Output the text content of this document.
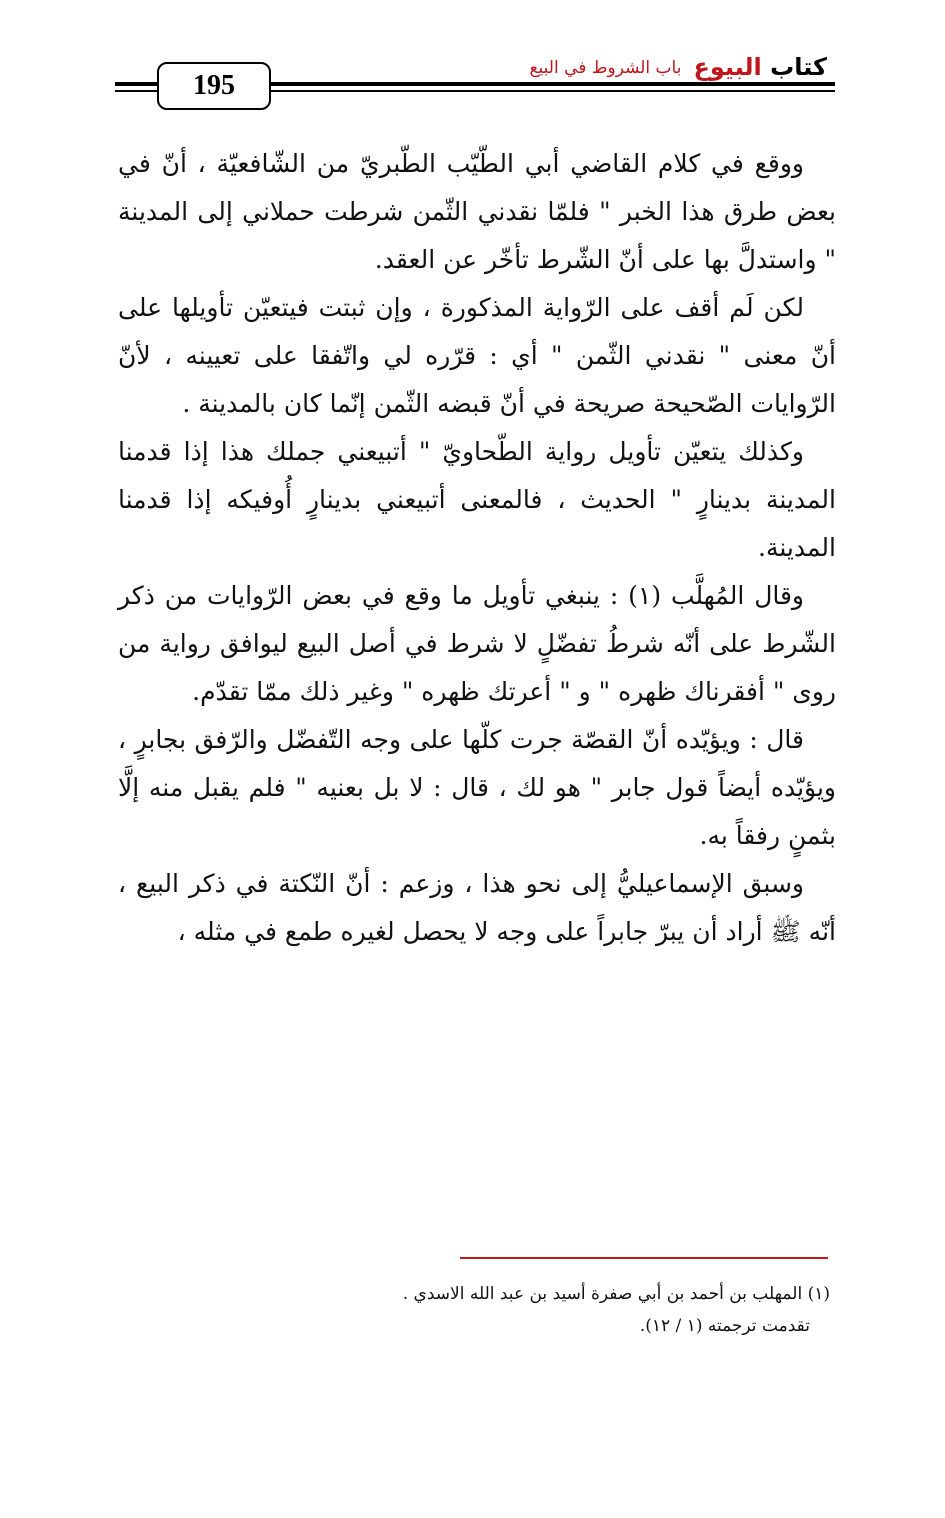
195
كتاب البيوع
باب الشروط في البيع

ووقع في كلام القاضي أبي الطّيّب الطّبريّ من الشّافعيّة ، أنّ في بعض طرق هذا الخبر " فلمّا نقدني الثّمن شرطت حملاني إلى المدينة " واستدلَّ بها على أنّ الشّرط تأخّر عن العقد.

لكن لَم أقف على الرّواية المذكورة ، وإن ثبتت فيتعيّن تأويلها على أنّ معنى " نقدني الثّمن " أي : قرّره لي واتّفقا على تعيينه ، لأنّ الرّوايات الصّحيحة صريحة في أنّ قبضه الثّمن إنّما كان بالمدينة .

وكذلك يتعيّن تأويل رواية الطّحاويّ " أتبيعني جملك هذا إذا قدمنا المدينة بدينارٍ " الحديث ، فالمعنى أتبيعني بدينارٍ أُوفيكه إذا قدمنا المدينة.

وقال المُهلَّب (١) : ينبغي تأويل ما وقع في بعض الرّوايات من ذكر الشّرط على أنّه شرطُ تفضّلٍ لا شرط في أصل البيع ليوافق رواية من روى " أفقرناك ظهره " و " أعرتك ظهره " وغير ذلك ممّا تقدّم.

قال : ويؤيّده أنّ القصّة جرت كلّها على وجه التّفضّل والرّفق بجابرٍ ، ويؤيّده أيضاً قول جابر " هو لك ، قال : لا بل بعنيه " فلم يقبل منه إلَّا بثمنٍ رفقاً به.

وسبق الإسماعيليُّ إلى نحو هذا ، وزعم : أنّ النّكتة في ذكر البيع ، أنّه ﷺ أراد أن يبرّ جابراً على وجه لا يحصل لغيره طمع في مثله ،

(١) المهلب بن أحمد بن أبي صفرة أسيد بن عبد الله الاسدي .

تقدمت ترجمته (١ / ١٢).
